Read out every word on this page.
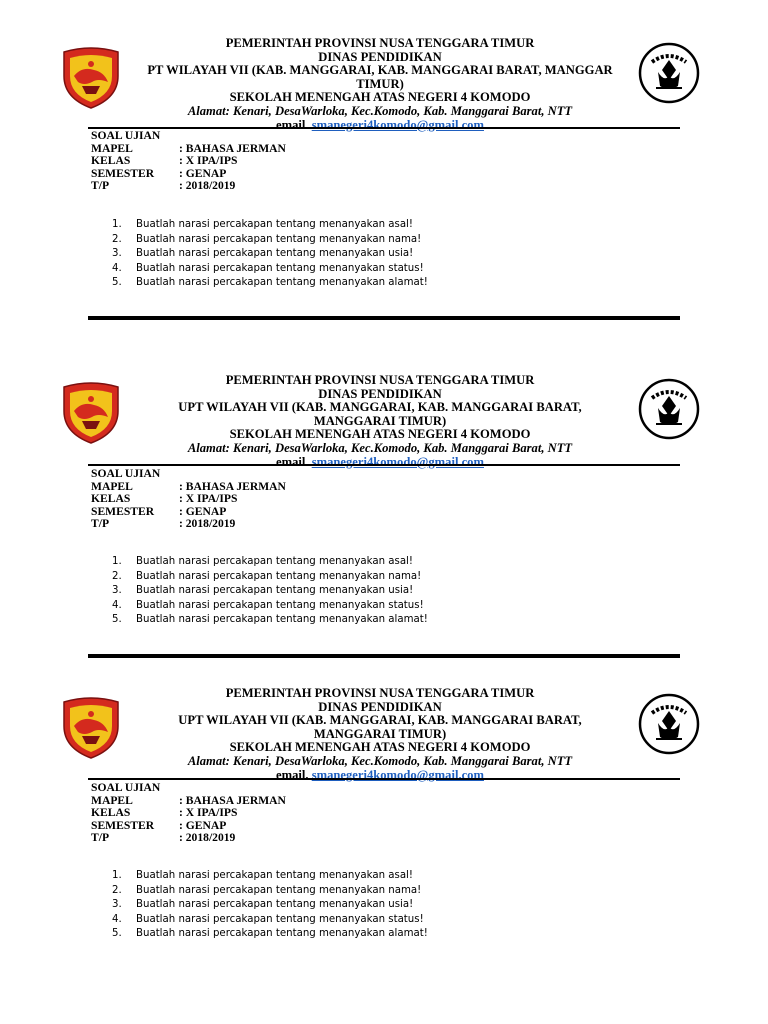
PEMERINTAH PROVINSI NUSA TENGGARA TIMUR
DINAS PENDIDIKAN
PT WILAYAH VII (KAB. MANGGARAI, KAB. MANGGARAI BARAT, MANGGAR
TIMUR)
SEKOLAH MENENGAH ATAS NEGERI 4 KOMODO
Alamat: Kenari, DesaWarloka, Kec.Komodo, Kab. Manggarai Barat, NTT
email. smanegeri4komodo@gmail.com
SOAL UJIAN
MAPEL	: BAHASA JERMAN
KELAS	: X IPA/IPS
SEMESTER	: GENAP
T/P	: 2018/2019
1.	Buatlah narasi percakapan tentang menanyakan asal!
2.	Buatlah narasi percakapan tentang menanyakan nama!
3.	Buatlah narasi percakapan tentang menanyakan usia!
4.	Buatlah narasi percakapan tentang menanyakan status!
5.	Buatlah narasi percakapan tentang menanyakan alamat!
PEMERINTAH PROVINSI NUSA TENGGARA TIMUR
DINAS PENDIDIKAN
UPT WILAYAH VII (KAB. MANGGARAI, KAB. MANGGARAI BARAT,
MANGGARAI TIMUR)
SEKOLAH MENENGAH ATAS NEGERI 4 KOMODO
Alamat: Kenari, DesaWarloka, Kec.Komodo, Kab. Manggarai Barat, NTT
email. smanegeri4komodo@gmail.com
SOAL UJIAN
MAPEL	: BAHASA JERMAN
KELAS	: X IPA/IPS
SEMESTER	: GENAP
T/P	: 2018/2019
1.	Buatlah narasi percakapan tentang menanyakan asal!
2.	Buatlah narasi percakapan tentang menanyakan nama!
3.	Buatlah narasi percakapan tentang menanyakan usia!
4.	Buatlah narasi percakapan tentang menanyakan status!
5.	Buatlah narasi percakapan tentang menanyakan alamat!
PEMERINTAH PROVINSI NUSA TENGGARA TIMUR
DINAS PENDIDIKAN
UPT WILAYAH VII (KAB. MANGGARAI, KAB. MANGGARAI BARAT,
MANGGARAI TIMUR)
SEKOLAH MENENGAH ATAS NEGERI 4 KOMODO
Alamat: Kenari, DesaWarloka, Kec.Komodo, Kab. Manggarai Barat, NTT
email. smanegeri4komodo@gmail.com
SOAL UJIAN
MAPEL	: BAHASA JERMAN
KELAS	: X IPA/IPS
SEMESTER	: GENAP
T/P	: 2018/2019
1.	Buatlah narasi percakapan tentang menanyakan asal!
2.	Buatlah narasi percakapan tentang menanyakan nama!
3.	Buatlah narasi percakapan tentang menanyakan usia!
4.	Buatlah narasi percakapan tentang menanyakan status!
5.	Buatlah narasi percakapan tentang menanyakan alamat!
